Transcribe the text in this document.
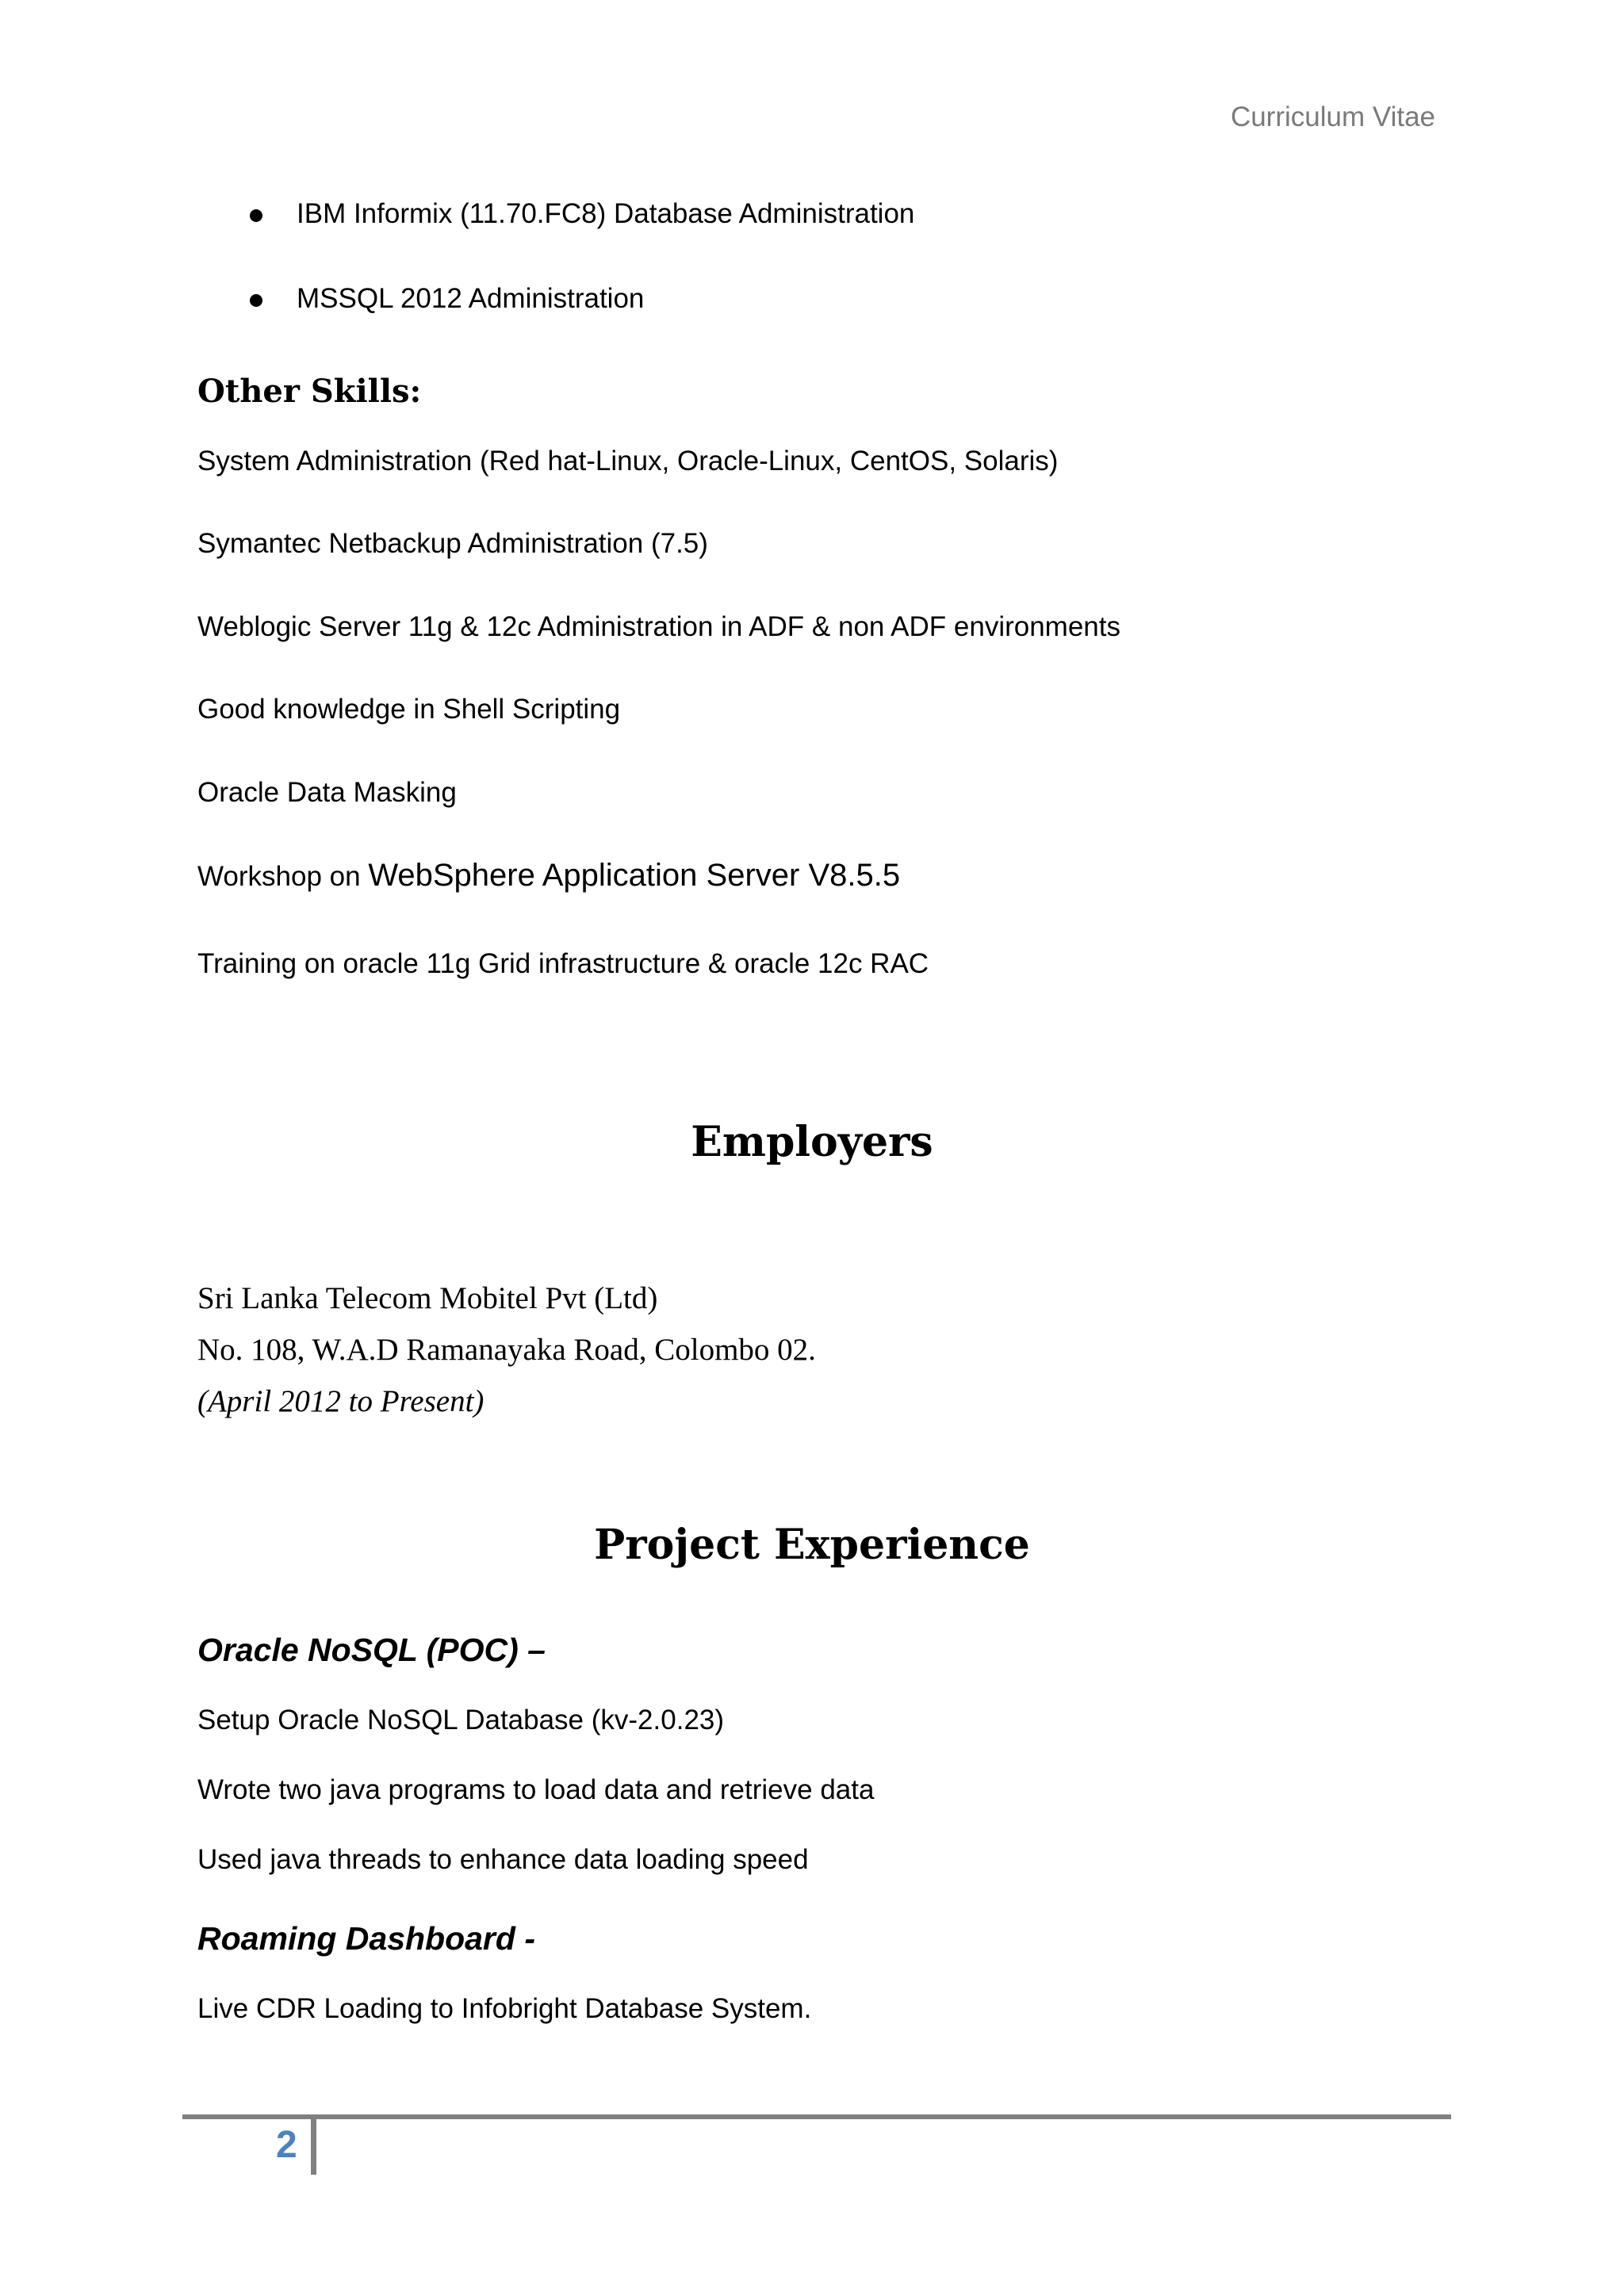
Curriculum Vitae
IBM Informix (11.70.FC8) Database Administration
MSSQL 2012 Administration
Other Skills:
System Administration (Red hat-Linux, Oracle-Linux, CentOS, Solaris)
Symantec Netbackup Administration (7.5)
Weblogic Server 11g & 12c Administration in ADF & non ADF environments
Good knowledge in Shell Scripting
Oracle Data Masking
Workshop on WebSphere Application Server V8.5.5
Training on oracle 11g Grid infrastructure & oracle 12c RAC
Employers
Sri Lanka Telecom Mobitel Pvt (Ltd)
No. 108, W.A.D Ramanayaka Road, Colombo 02.
(April 2012 to Present)
Project Experience
Oracle NoSQL (POC) –
Setup Oracle NoSQL Database (kv-2.0.23)
Wrote two java programs to load data and retrieve data
Used java threads to enhance data loading speed
Roaming Dashboard -
Live CDR Loading to Infobright Database System.
2
